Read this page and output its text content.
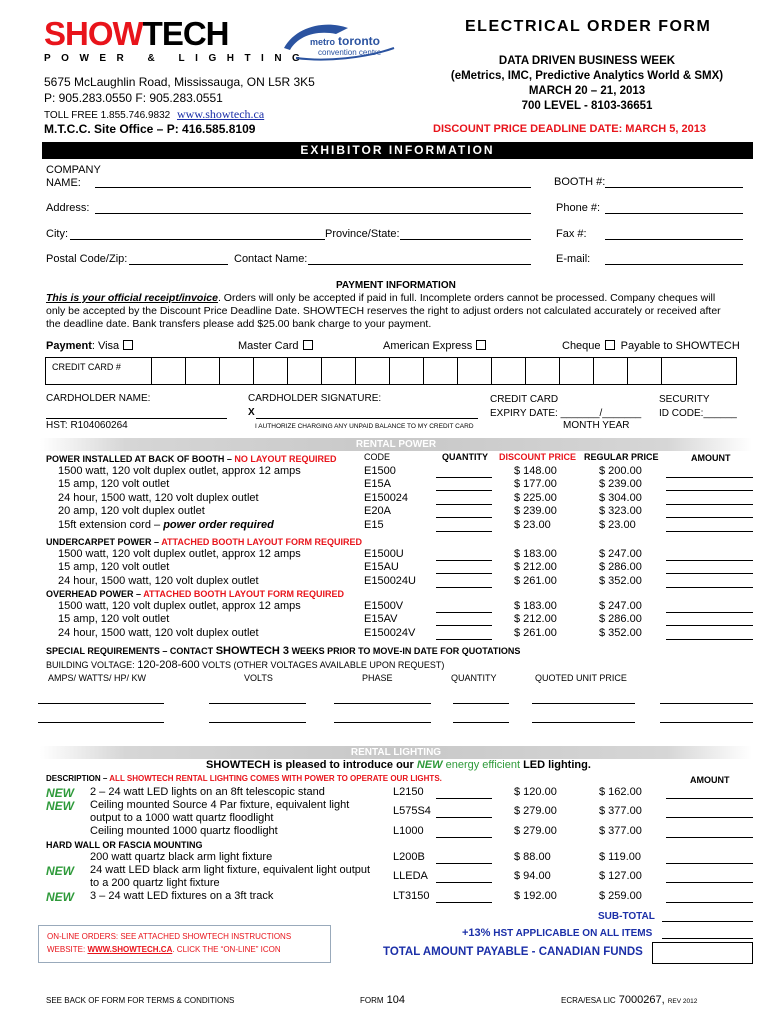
SHOWTECH
POWER & LIGHTING
metro toronto
convention centre
ELECTRICAL ORDER FORM
DATA DRIVEN BUSINESS WEEK
(eMetrics, IMC, Predictive Analytics World & SMX)
MARCH 20 – 21, 2013
700 LEVEL - 8103-36651
DISCOUNT PRICE DEADLINE DATE: MARCH 5, 2013
5675 McLaughlin Road, Mississauga, ON L5R 3K5
P: 905.283.0550 F: 905.283.0551
TOLL FREE 1.855.746.9832 www.showtech.ca
M.T.C.C. Site Office – P: 416.585.8109
EXHIBITOR INFORMATION
COMPANY
NAME:	BOOTH #:
Address:	Phone #:
City:	Province/State:	Fax #:
Postal Code/Zip:	Contact Name:	E-mail:
PAYMENT INFORMATION
This is your official receipt/invoice. Orders will only be accepted if paid in full. Incomplete orders cannot be processed. Company cheques will
only be accepted by the Discount Price Deadline Date. SHOWTECH reserves the right to adjust orders not calculated accurately or received after
the deadline date. Bank transfers please add $25.00 bank charge to your payment.
Payment: Visa	Master Card	American Express	Cheque Payable to SHOWTECH
CREDIT CARD #
CARDHOLDER NAME:	CARDHOLDER SIGNATURE:
X
I AUTHORIZE CHARGING ANY UNPAID BALANCE TO MY CREDIT CARD
CREDIT CARD
EXPIRY DATE: _______/_______
MONTH YEAR
SECURITY
ID CODE:______
HST: R104060264
RENTAL POWER
POWER INSTALLED AT BACK OF BOOTH – NO LAYOUT REQUIRED	CODE	QUANTITY DISCOUNT PRICE REGULAR PRICE	AMOUNT
1500 watt, 120 volt duplex outlet, approx 12 amps	E1500	$ 148.00	$ 200.00
15 amp, 120 volt outlet	E15A	$ 177.00	$ 239.00
24 hour, 1500 watt, 120 volt duplex outlet	E150024	$ 225.00	$ 304.00
20 amp, 120 volt duplex outlet	E20A	$ 239.00	$ 323.00
15ft extension cord – power order required	E15	$ 23.00	$ 23.00
UNDERCARPET POWER – ATTACHED BOOTH LAYOUT FORM REQUIRED
1500 watt, 120 volt duplex outlet, approx 12 amps	E1500U	$ 183.00	$ 247.00
15 amp, 120 volt outlet	E15AU	$ 212.00	$ 286.00
24 hour, 1500 watt, 120 volt duplex outlet	E150024U	$ 261.00	$ 352.00
OVERHEAD POWER – ATTACHED BOOTH LAYOUT FORM REQUIRED
1500 watt, 120 volt duplex outlet, approx 12 amps	E1500V	$ 183.00	$ 247.00
15 amp, 120 volt outlet	E15AV	$ 212.00	$ 286.00
24 hour, 1500 watt, 120 volt duplex outlet	E150024V	$ 261.00	$ 352.00
SPECIAL REQUIREMENTS – CONTACT SHOWTECH 3 WEEKS PRIOR TO MOVE-IN DATE FOR QUOTATIONS
BUILDING VOLTAGE: 120-208-600 VOLTS (OTHER VOLTAGES AVAILABLE UPON REQUEST)
AMPS/ WATTS/ HP/ KW	VOLTS	PHASE	QUANTITY	QUOTED UNIT PRICE
RENTAL LIGHTING
SHOWTECH is pleased to introduce our NEW energy efficient LED lighting.
DESCRIPTION – ALL SHOWTECH RENTAL LIGHTING COMES WITH POWER TO OPERATE OUR LIGHTS.	AMOUNT
NEW 2 – 24 watt LED lights on an 8ft telescopic stand	L2150	$ 120.00	$ 162.00
NEW Ceiling mounted Source 4 Par fixture, equivalent light
output to a 1000 watt quartz floodlight
L575S4	$ 279.00	$ 377.00
Ceiling mounted 1000 quartz floodlight	L1000	$ 279.00	$ 377.00
HARD WALL OR FASCIA MOUNTING
200 watt quartz black arm light fixture	L200B	$ 88.00	$ 119.00
NEW 24 watt LED black arm light fixture, equivalent light output
to a 200 quartz light fixture
LLEDA	$ 94.00	$ 127.00
NEW 3 – 24 watt LED fixtures on a 3ft track	LT3150	$ 192.00	$ 259.00
SUB-TOTAL
ON-LINE ORDERS: SEE ATTACHED SHOWTECH INSTRUCTIONS
WEBSITE: WWW.SHOWTECH.CA. CLICK THE “ON-LINE” ICON
+13% HST APPLICABLE ON ALL ITEMS
TOTAL AMOUNT PAYABLE - CANADIAN FUNDS
SEE BACK OF FORM FOR TERMS & CONDITIONS	FORM 104	ECRA/ESA LIC 7000267, REV 2012
